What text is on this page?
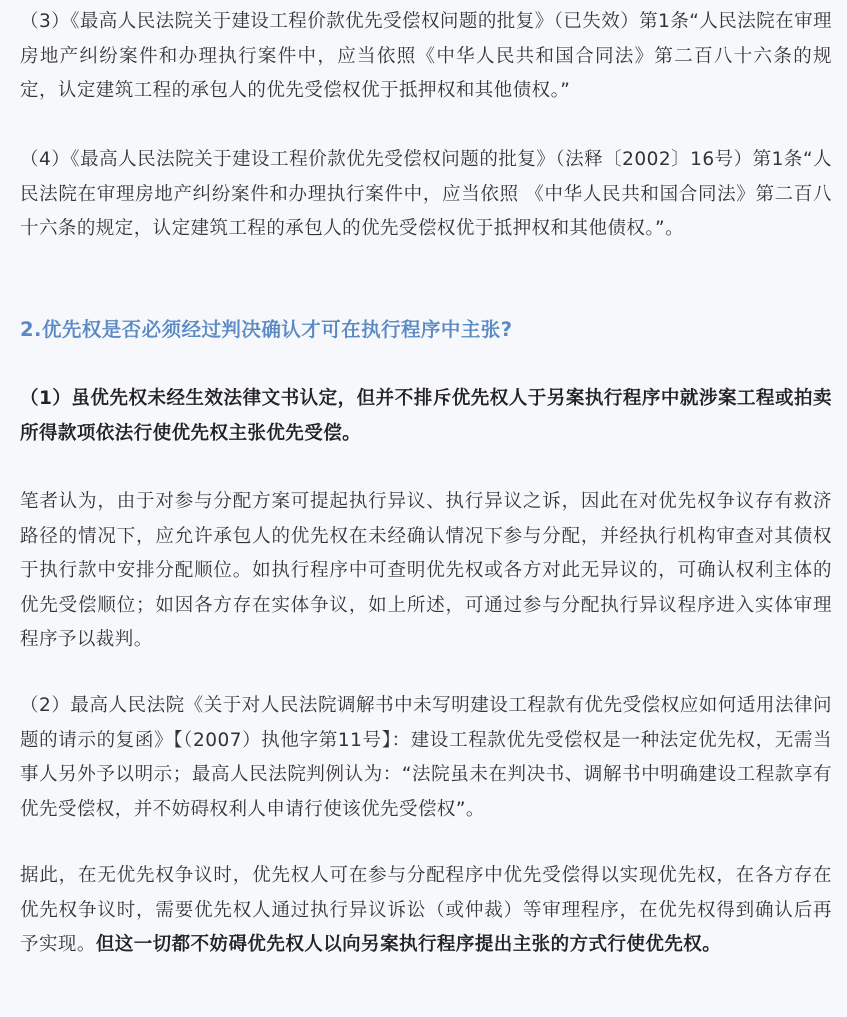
（3）《最高人民法院关于建设工程价款优先受偿权问题的批复》（已失效）第1条“人民法院在审理房地产纠纷案件和办理执行案件中，应当依照《中华人民共和国合同法》第二百八十六条的规定，认定建筑工程的承包人的优先受偿权优于抵押权和其他债权。”

（4）《最高人民法院关于建设工程价款优先受偿权问题的批复》（法释〔2002〕16号）第1条“人民法院在审理房地产纠纷案件和办理执行案件中，应当依照 《中华人民共和国合同法》第二百八十六条的规定，认定建筑工程的承包人的优先受偿权优于抵押权和其他债权。”。

2.优先权是否必须经过判决确认才可在执行程序中主张?

（1）虽优先权未经生效法律文书认定，但并不排斥优先权人于另案执行程序中就涉案工程或拍卖所得款项依法行使优先权主张优先受偿。

笔者认为，由于对参与分配方案可提起执行异议、执行异议之诉，因此在对优先权争议存有救济路径的情况下，应允许承包人的优先权在未经确认情况下参与分配，并经执行机构审查对其债权于执行款中安排分配顺位。如执行程序中可查明优先权或各方对此无异议的，可确认权利主体的优先受偿顺位；如因各方存在实体争议，如上所述，可通过参与分配执行异议程序进入实体审理程序予以裁判。

（2）最高人民法院《关于对人民法院调解书中未写明建设工程款有优先受偿权应如何适用法律问题的请示的复函》【（2007）执他字第11号】：建设工程款优先受偿权是一种法定优先权，无需当事人另外予以明示；最高人民法院判例认为：“法院虽未在判决书、调解书中明确建设工程款享有优先受偿权，并不妨碍权利人申请行使该优先受偿权”。

据此，在无优先权争议时，优先权人可在参与分配程序中优先受偿得以实现优先权，在各方存在优先权争议时，需要优先权人通过执行异议诉讼（或仲裁）等审理程序，在优先权得到确认后再予实现。但这一切都不妨碍优先权人以向另案执行程序提出主张的方式行使优先权。
